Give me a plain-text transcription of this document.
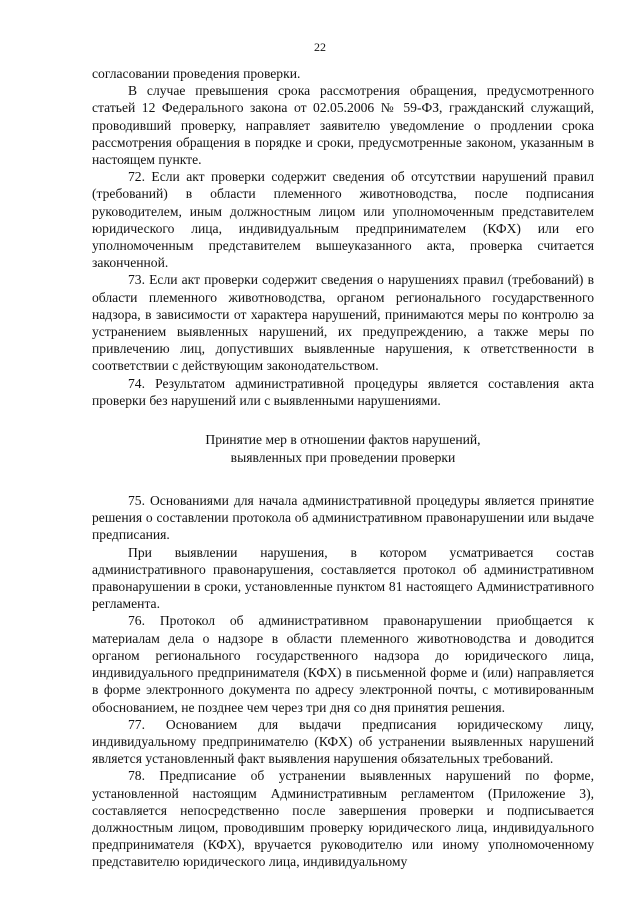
22

согласовании проведения проверки.

В случае превышения срока рассмотрения обращения, предусмотренного статьей 12 Федерального закона от 02.05.2006 № 59-ФЗ, гражданский служащий, проводивший проверку, направляет заявителю уведомление о продлении срока рассмотрения обращения в порядке и сроки, предусмотренные законом, указанным в настоящем пункте.

72. Если акт проверки содержит сведения об отсутствии нарушений правил (требований) в области племенного животноводства, после подписания руководителем, иным должностным лицом или уполномоченным представителем юридического лица, индивидуальным предпринимателем (КФХ) или его уполномоченным представителем вышеуказанного акта, проверка считается законченной.

73. Если акт проверки содержит сведения о нарушениях правил (требований) в области племенного животноводства, органом регионального государственного надзора, в зависимости от характера нарушений, принимаются меры по контролю за устранением выявленных нарушений, их предупреждению, а также меры по привлечению лиц, допустивших выявленные нарушения, к ответственности в соответствии с действующим законодательством.

74. Результатом административной процедуры является составления акта проверки без нарушений или с выявленными нарушениями.

Принятие мер в отношении фактов нарушений,
выявленных при проведении проверки

75. Основаниями для начала административной процедуры является принятие решения о составлении протокола об административном правонарушении или выдаче предписания.

При выявлении нарушения, в котором усматривается состав административного правонарушения, составляется протокол об административном правонарушении в сроки, установленные пунктом 81 настоящего Административного регламента.

76. Протокол об административном правонарушении приобщается к материалам дела о надзоре в области племенного животноводства и доводится органом регионального государственного надзора до юридического лица, индивидуального предпринимателя (КФХ) в письменной форме и (или) направляется в форме электронного документа по адресу электронной почты, с мотивированным обоснованием, не позднее чем через три дня со дня принятия решения.

77. Основанием для выдачи предписания юридическому лицу, индивидуальному предпринимателю (КФХ) об устранении выявленных нарушений является установленный факт выявления нарушения обязательных требований.

78. Предписание об устранении выявленных нарушений по форме, установленной настоящим Административным регламентом (Приложение 3), составляется непосредственно после завершения проверки и подписывается должностным лицом, проводившим проверку юридического лица, индивидуального предпринимателя (КФХ), вручается руководителю или иному уполномоченному представителю юридического лица, индивидуальному
